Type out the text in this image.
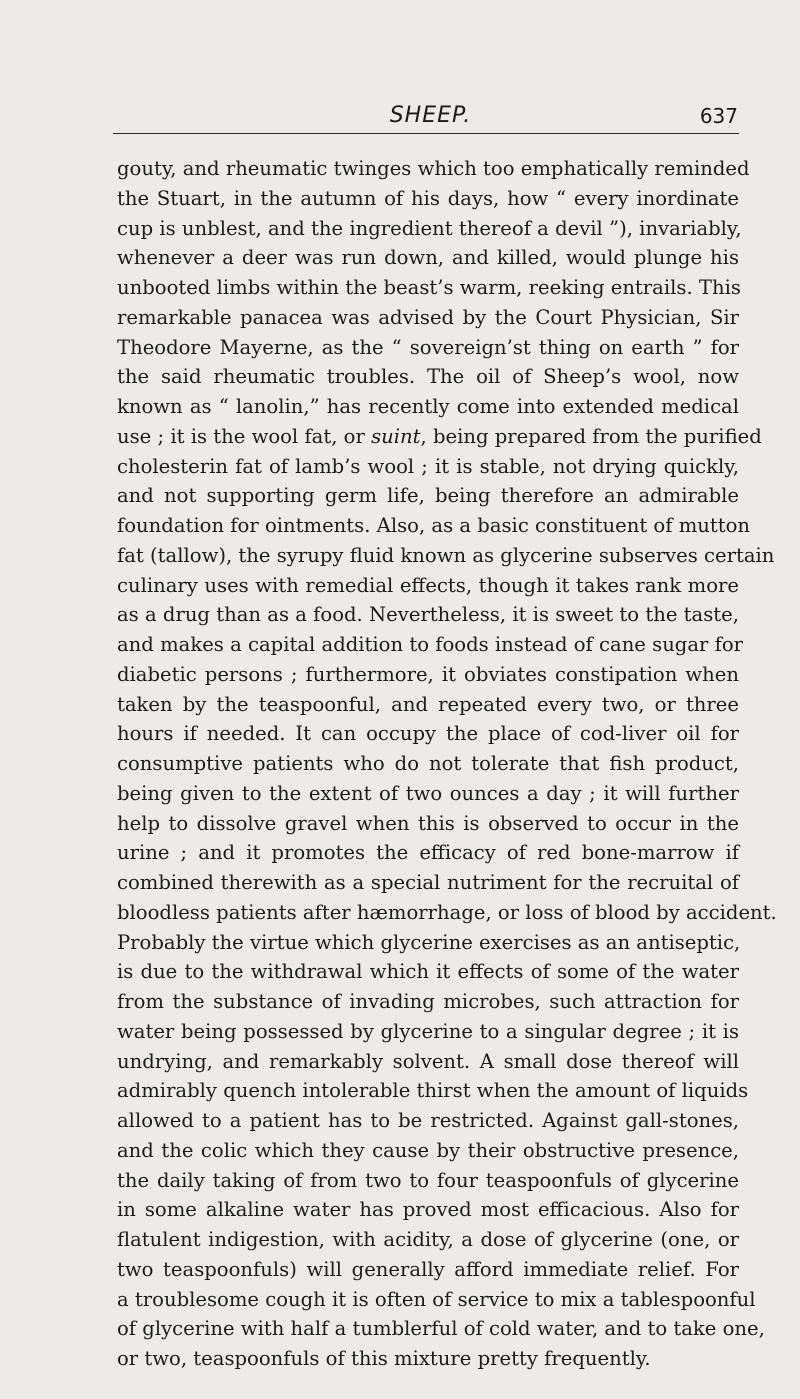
SHEEP.	637
gouty, and rheumatic twinges which too emphatically reminded
the Stuart, in the autumn of his days, how “ every inordinate
cup is unblest, and the ingredient thereof a devil ”), invariably,
whenever a deer was run down, and killed, would plunge his
unbooted limbs within the beast’s warm, reeking entrails. This
remarkable panacea was advised by the Court Physician, Sir
Theodore Mayerne, as the “ sovereign’st thing on earth ” for
the said rheumatic troubles. The oil of Sheep’s wool, now
known as “ lanolin,” has recently come into extended medical
use ; it is the wool fat, or suint, being prepared from the purified
cholesterin fat of lamb’s wool ; it is stable, not drying quickly,
and not supporting germ life, being therefore an admirable
foundation for ointments. Also, as a basic constituent of mutton
fat (tallow), the syrupy fluid known as glycerine subserves certain
culinary uses with remedial effects, though it takes rank more
as a drug than as a food. Nevertheless, it is sweet to the taste,
and makes a capital addition to foods instead of cane sugar for
diabetic persons ; furthermore, it obviates constipation when
taken by the teaspoonful, and repeated every two, or three
hours if needed. It can occupy the place of cod-liver oil for
consumptive patients who do not tolerate that fish product,
being given to the extent of two ounces a day ; it will further
help to dissolve gravel when this is observed to occur in the
urine ; and it promotes the efficacy of red bone-marrow if
combined therewith as a special nutriment for the recruital of
bloodless patients after hæmorrhage, or loss of blood by accident.
Probably the virtue which glycerine exercises as an antiseptic,
is due to the withdrawal which it effects of some of the water
from the substance of invading microbes, such attraction for
water being possessed by glycerine to a singular degree ; it is
undrying, and remarkably solvent. A small dose thereof will
admirably quench intolerable thirst when the amount of liquids
allowed to a patient has to be restricted. Against gall-stones,
and the colic which they cause by their obstructive presence,
the daily taking of from two to four teaspoonfuls of glycerine
in some alkaline water has proved most efficacious. Also for
flatulent indigestion, with acidity, a dose of glycerine (one, or
two teaspoonfuls) will generally afford immediate relief. For
a troublesome cough it is often of service to mix a tablespoonful
of glycerine with half a tumblerful of cold water, and to take one,
or two, teaspoonfuls of this mixture pretty frequently.
